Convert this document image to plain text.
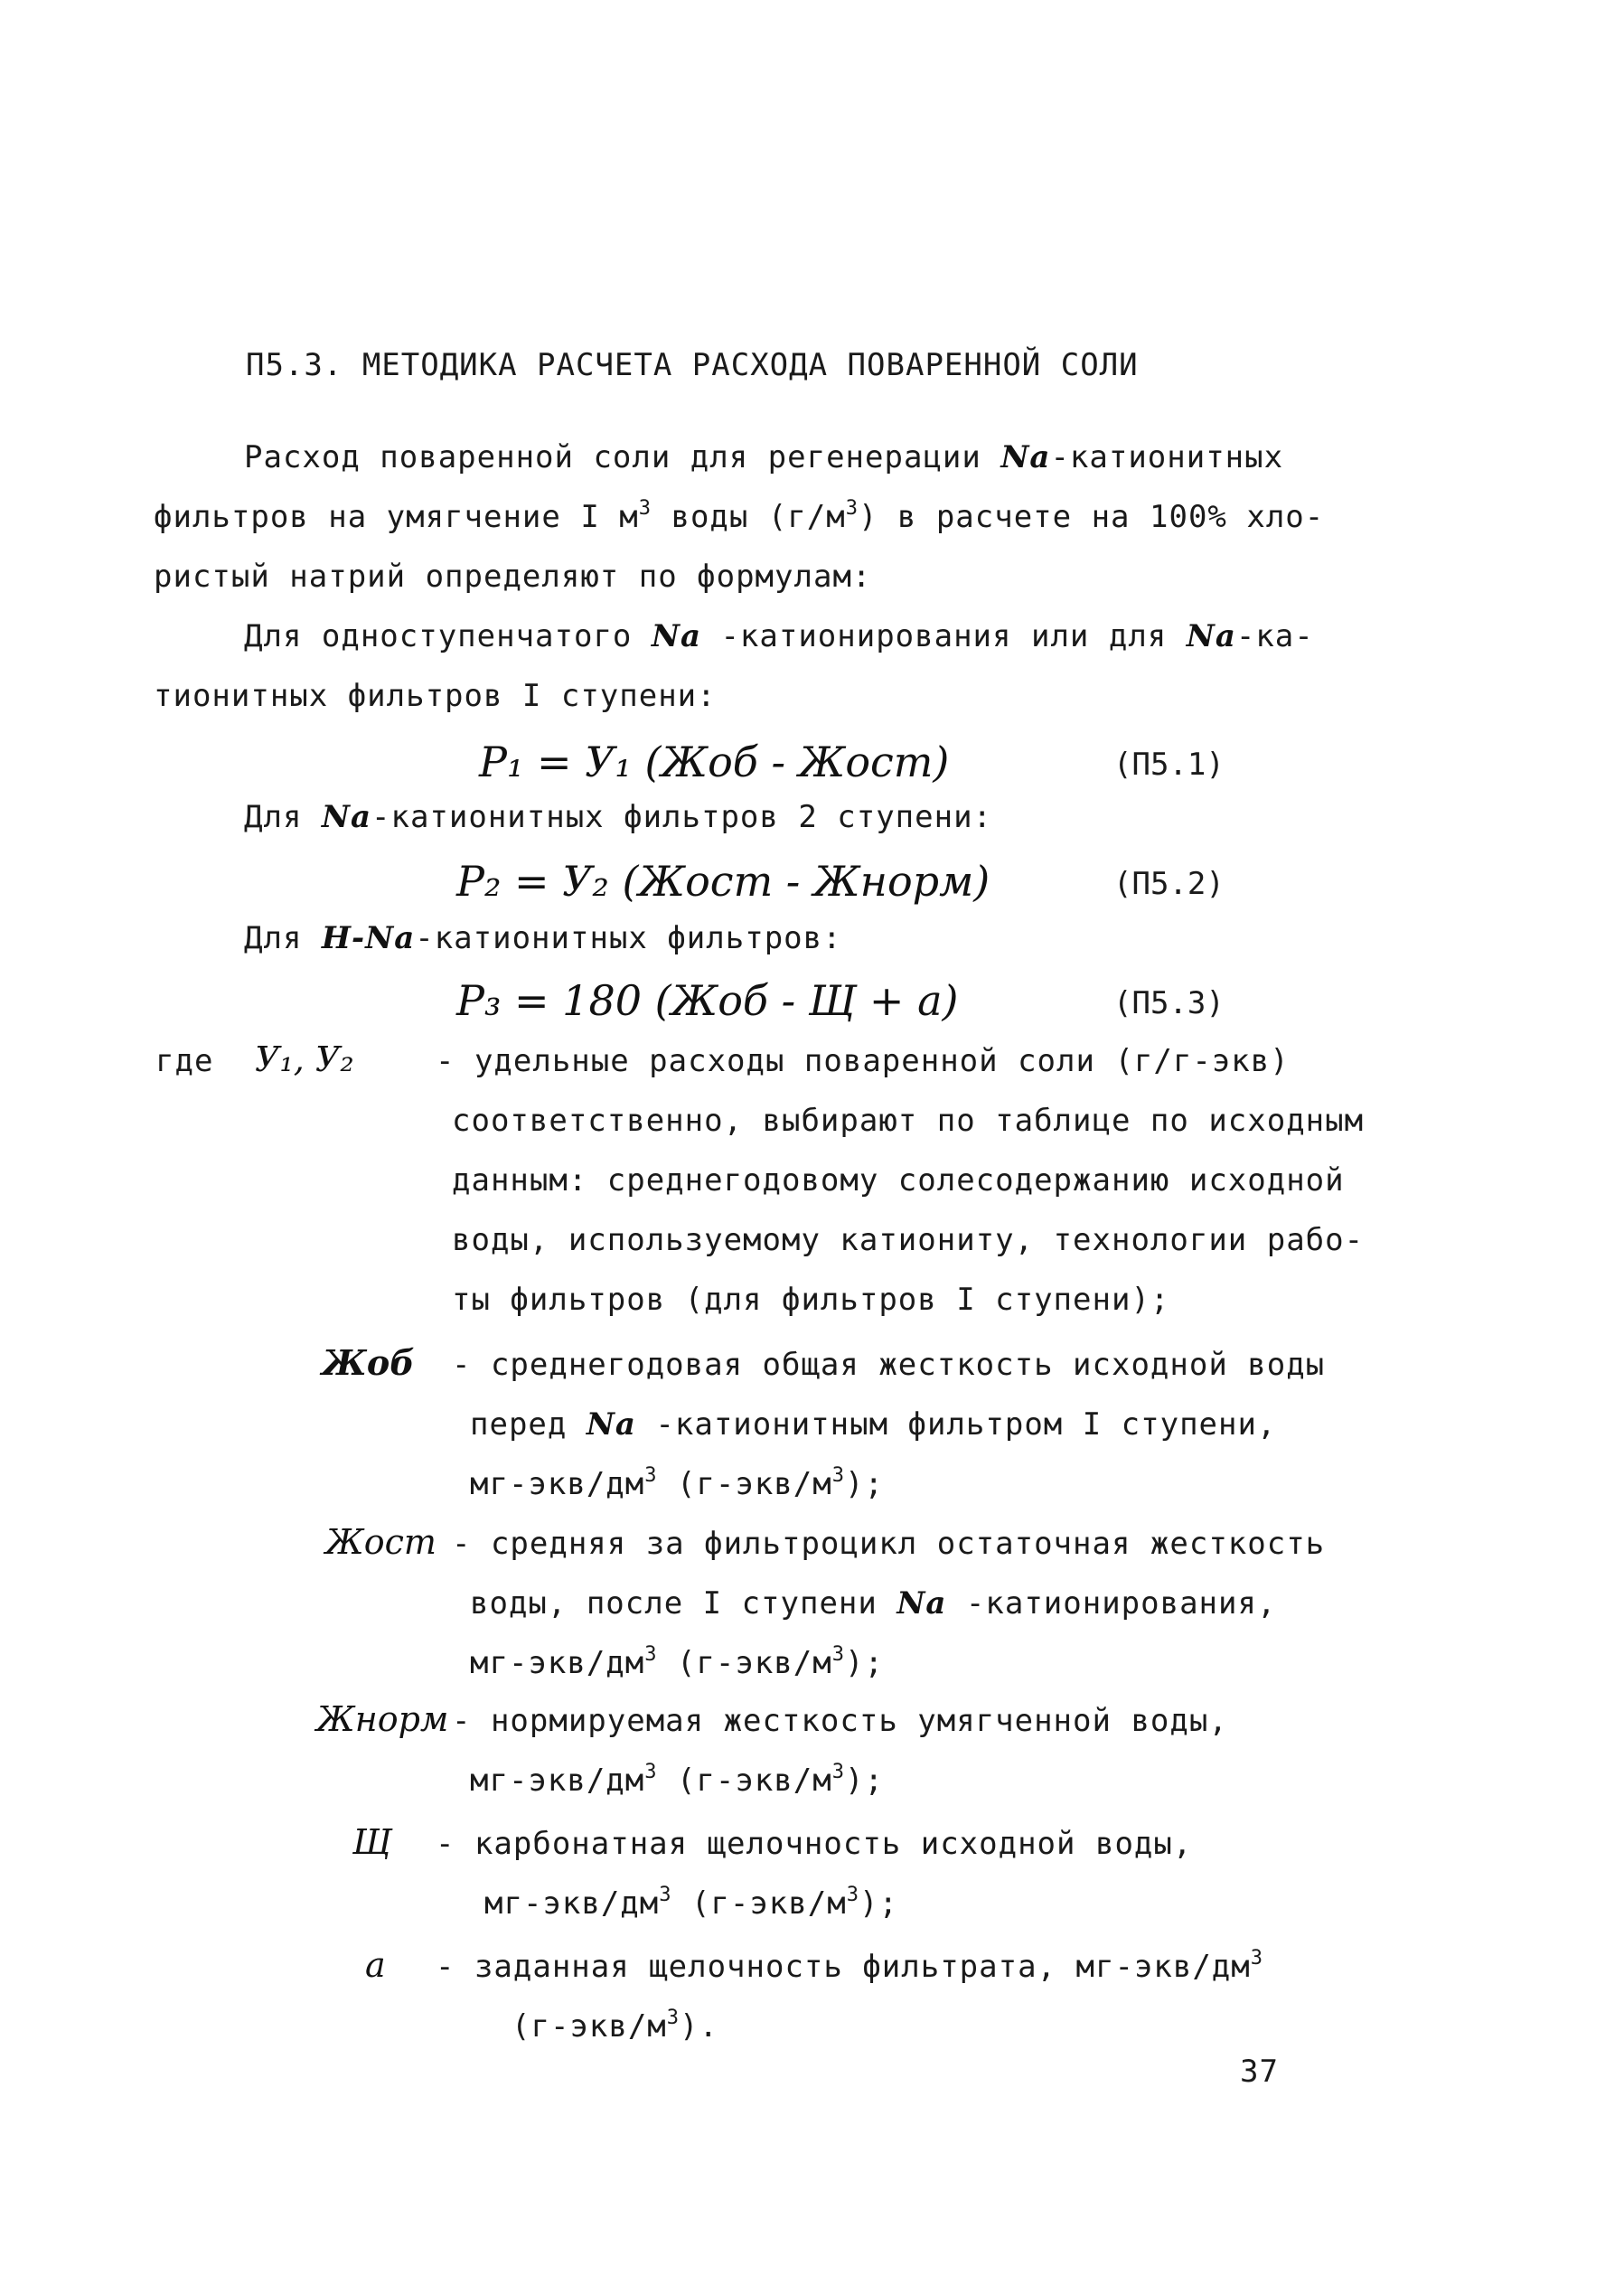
П5.3. МЕТОДИКА РАСЧЕТА РАСХОДА ПОВАРЕННОЙ СОЛИ
Расход поваренной соли для регенерации Na-катионитных
фильтров на умягчение I $м^3$ воды $(г/м^3)$ в расчете на 100% хло-
ристый натрий определяют по формулам:
Для одноступенчатого Na -катионирования или для Na-ка-
тионитных фильтров I ступени:
P₁ = У₁ (Жоб - Жост)	(П5.1)
Для Na-катионитных фильтров 2 ступени:
P₂ = У₂ (Жост - Жнорм)	(П5.2)
Для H-Na-катионитных фильтров:
P₃ = 180 (Жоб - Щ + a)	(П5.3)
где У₁, У₂	- удельные расходы поваренной соли (г/г-экв)
соответственно, выбирают по таблице по исходным
данным: среднегодовому солесодержанию исходной
воды, используемому катиониту, технологии рабо-
ты фильтров (для фильтров I ступени);
Жоб - среднегодовая общая жесткость исходной воды
перед Na -катионитным фильтром I ступени,
$мг-экв/дм^3$ $(г-экв/м^3)$;
Жост - средняя за фильтроцикл остаточная жесткость
воды, после I ступени Na -катионирования,
$мг-экв/дм^3$ $(г-экв/м^3)$;
Жнорм - нормируемая жесткость умягченной воды,
$мг-экв/дм^3$ $(г-экв/м^3)$;
Щ - карбонатная щелочность исходной воды,
$мг-экв/дм^3$ $(г-экв/м^3)$;
a - заданная щелочность фильтрата, $мг-экв/дм^3$
$(г-экв/м^3)$.
37
